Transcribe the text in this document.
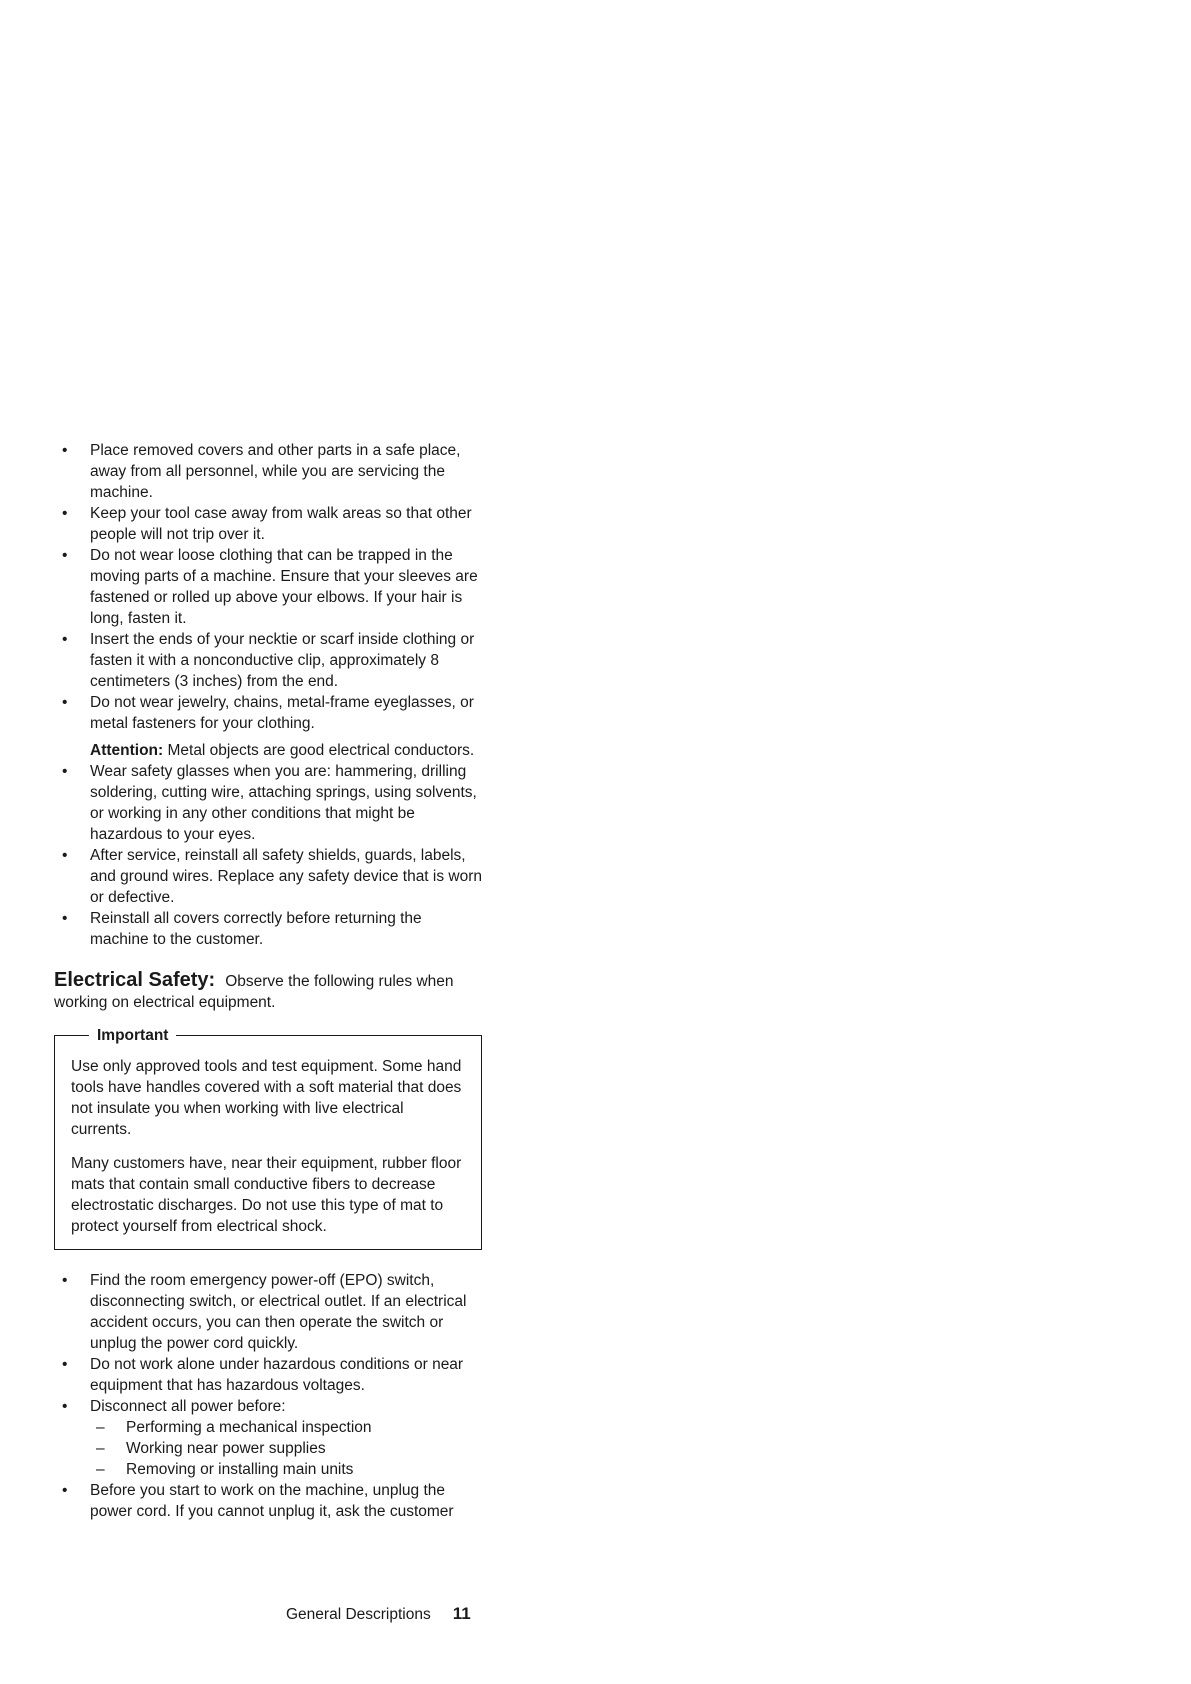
• Place removed covers and other parts in a safe place, away from all personnel, while you are servicing the machine.
• Keep your tool case away from walk areas so that other people will not trip over it.
• Do not wear loose clothing that can be trapped in the moving parts of a machine. Ensure that your sleeves are fastened or rolled up above your elbows. If your hair is long, fasten it.
• Insert the ends of your necktie or scarf inside clothing or fasten it with a nonconductive clip, approximately 8 centimeters (3 inches) from the end.
• Do not wear jewelry, chains, metal-frame eyeglasses, or metal fasteners for your clothing.
Attention: Metal objects are good electrical conductors.
• Wear safety glasses when you are: hammering, drilling soldering, cutting wire, attaching springs, using solvents, or working in any other conditions that might be hazardous to your eyes.
• After service, reinstall all safety shields, guards, labels, and ground wires. Replace any safety device that is worn or defective.
• Reinstall all covers correctly before returning the machine to the customer.
Electrical Safety: Observe the following rules when working on electrical equipment.
Important

Use only approved tools and test equipment. Some hand tools have handles covered with a soft material that does not insulate you when working with live electrical currents.

Many customers have, near their equipment, rubber floor mats that contain small conductive fibers to decrease electrostatic discharges. Do not use this type of mat to protect yourself from electrical shock.

• Find the room emergency power-off (EPO) switch, disconnecting switch, or electrical outlet. If an electrical accident occurs, you can then operate the switch or unplug the power cord quickly.
• Do not work alone under hazardous conditions or near equipment that has hazardous voltages.
• Disconnect all power before:
– Performing a mechanical inspection
– Working near power supplies
– Removing or installing main units
• Before you start to work on the machine, unplug the power cord. If you cannot unplug it, ask the customer
General Descriptions 11
